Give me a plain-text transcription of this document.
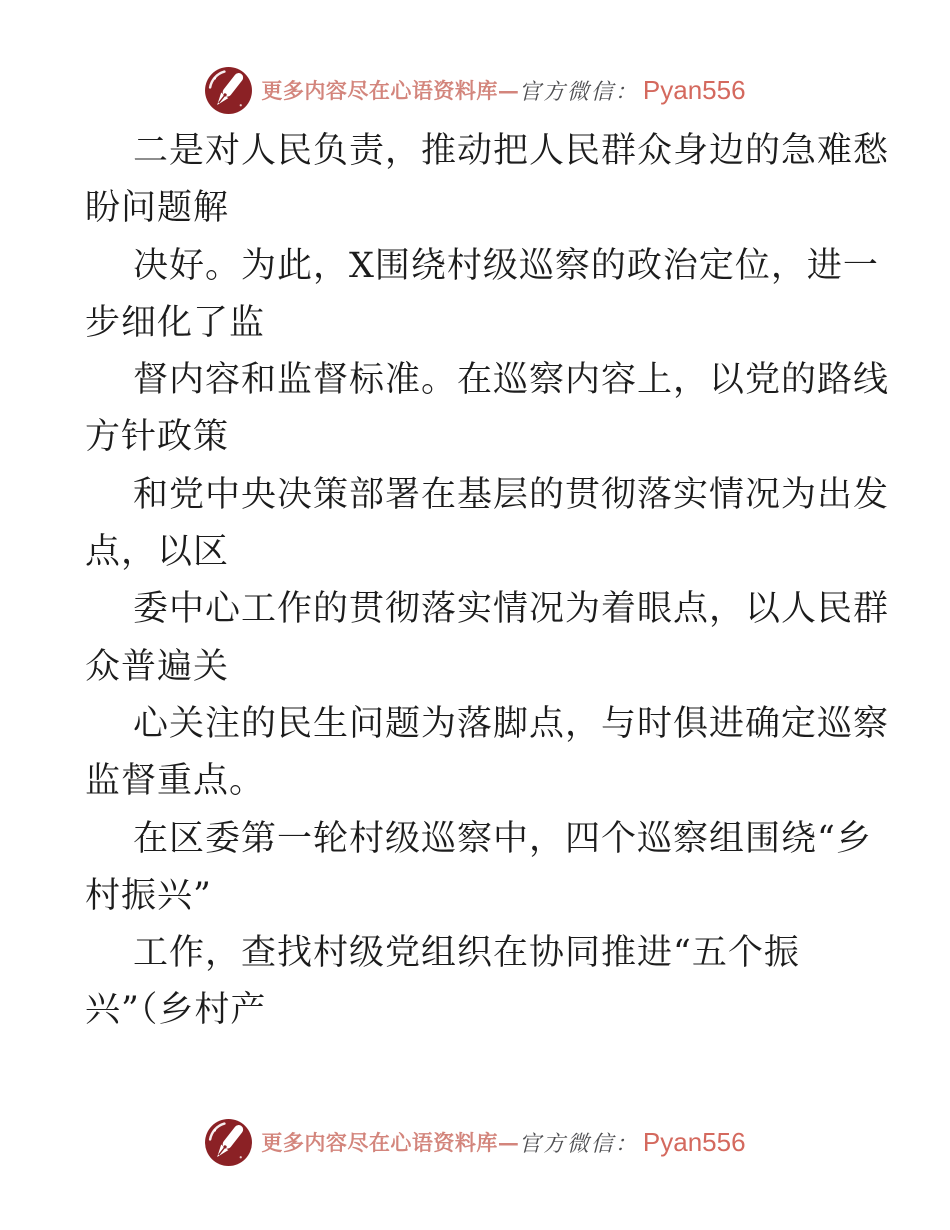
更多内容尽在心语资料库 — 官方微信： Pyan556
二是对人民负责，推动把人民群众身边的急难愁
盼问题解
决好。为此，X围绕村级巡察的政治定位，进一
步细化了监
督内容和监督标准。在巡察内容上，以党的路线
方针政策
和党中央决策部署在基层的贯彻落实情况为出发
点，以区
委中心工作的贯彻落实情况为着眼点，以人民群
众普遍关
心关注的民生问题为落脚点，与时俱进确定巡察
监督重点。
在区委第一轮村级巡察中，四个巡察组围绕“乡
村振兴”
工作，查找村级党组织在协同推进“五个振
兴”（乡村产
更多内容尽在心语资料库 — 官方微信： Pyan556
